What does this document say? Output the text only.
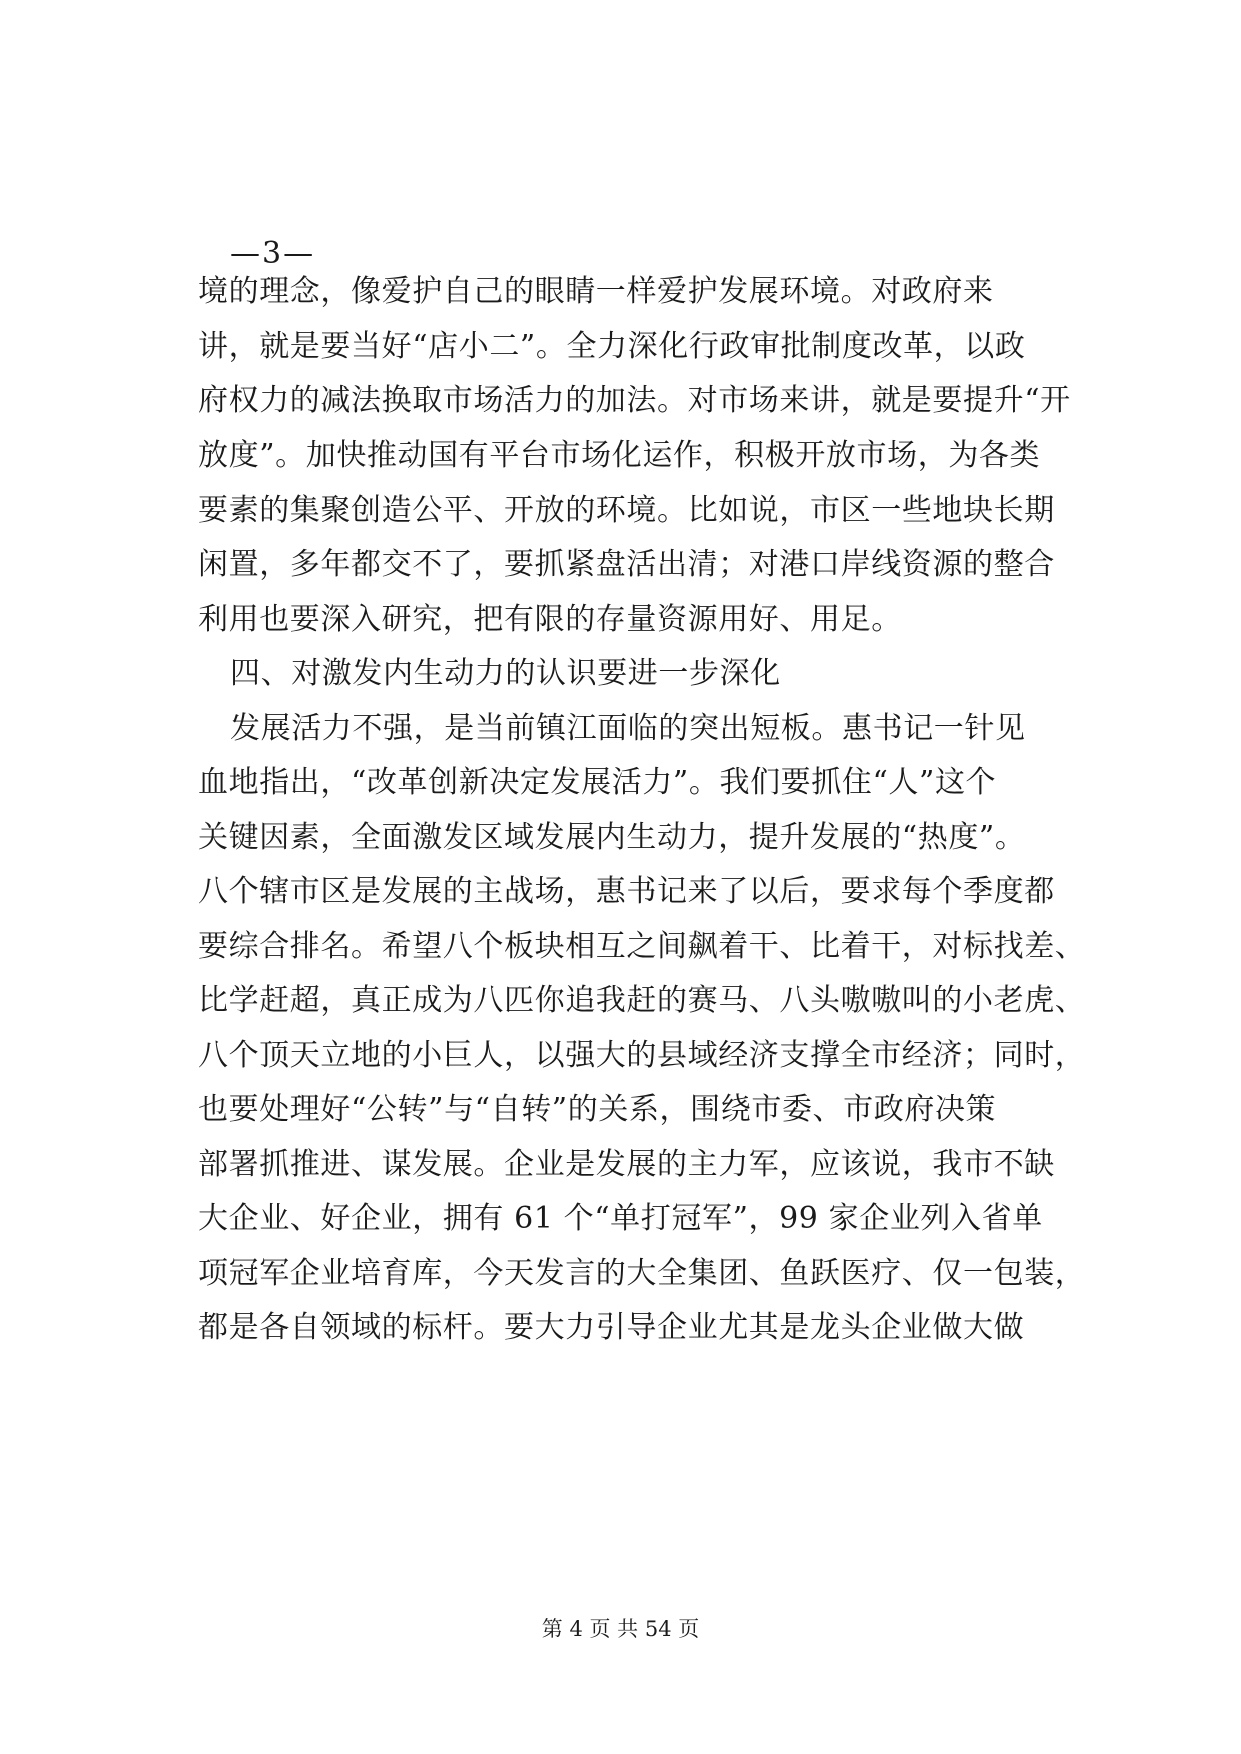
—3—
境的理念，像爱护自己的眼睛一样爱护发展环境。对政府来
讲，就是要当好“店小二”。全力深化行政审批制度改革，以政
府权力的减法换取市场活力的加法。对市场来讲，就是要提升“开
放度”。加快推动国有平台市场化运作，积极开放市场，为各类
要素的集聚创造公平、开放的环境。比如说，市区一些地块长期
闲置，多年都交不了，要抓紧盘活出清；对港口岸线资源的整合
利用也要深入研究，把有限的存量资源用好、用足。
四、对激发内生动力的认识要进一步深化
发展活力不强，是当前镇江面临的突出短板。惠书记一针见
血地指出，“改革创新决定发展活力”。我们要抓住“人”这个
关键因素，全面激发区域发展内生动力，提升发展的“热度”。
八个辖市区是发展的主战场，惠书记来了以后，要求每个季度都
要综合排名。希望八个板块相互之间飙着干、比着干，对标找差、
比学赶超，真正成为八匹你追我赶的赛马、八头嗷嗷叫的小老虎、
八个顶天立地的小巨人，以强大的县域经济支撑全市经济；同时，
也要处理好“公转”与“自转”的关系，围绕市委、市政府决策
部署抓推进、谋发展。企业是发展的主力军，应该说，我市不缺
大企业、好企业，拥有 61 个“单打冠军”，99 家企业列入省单
项冠军企业培育库，今天发言的大全集团、鱼跃医疗、仅一包装，
都是各自领域的标杆。要大力引导企业尤其是龙头企业做大做
第 4 页 共 54 页
